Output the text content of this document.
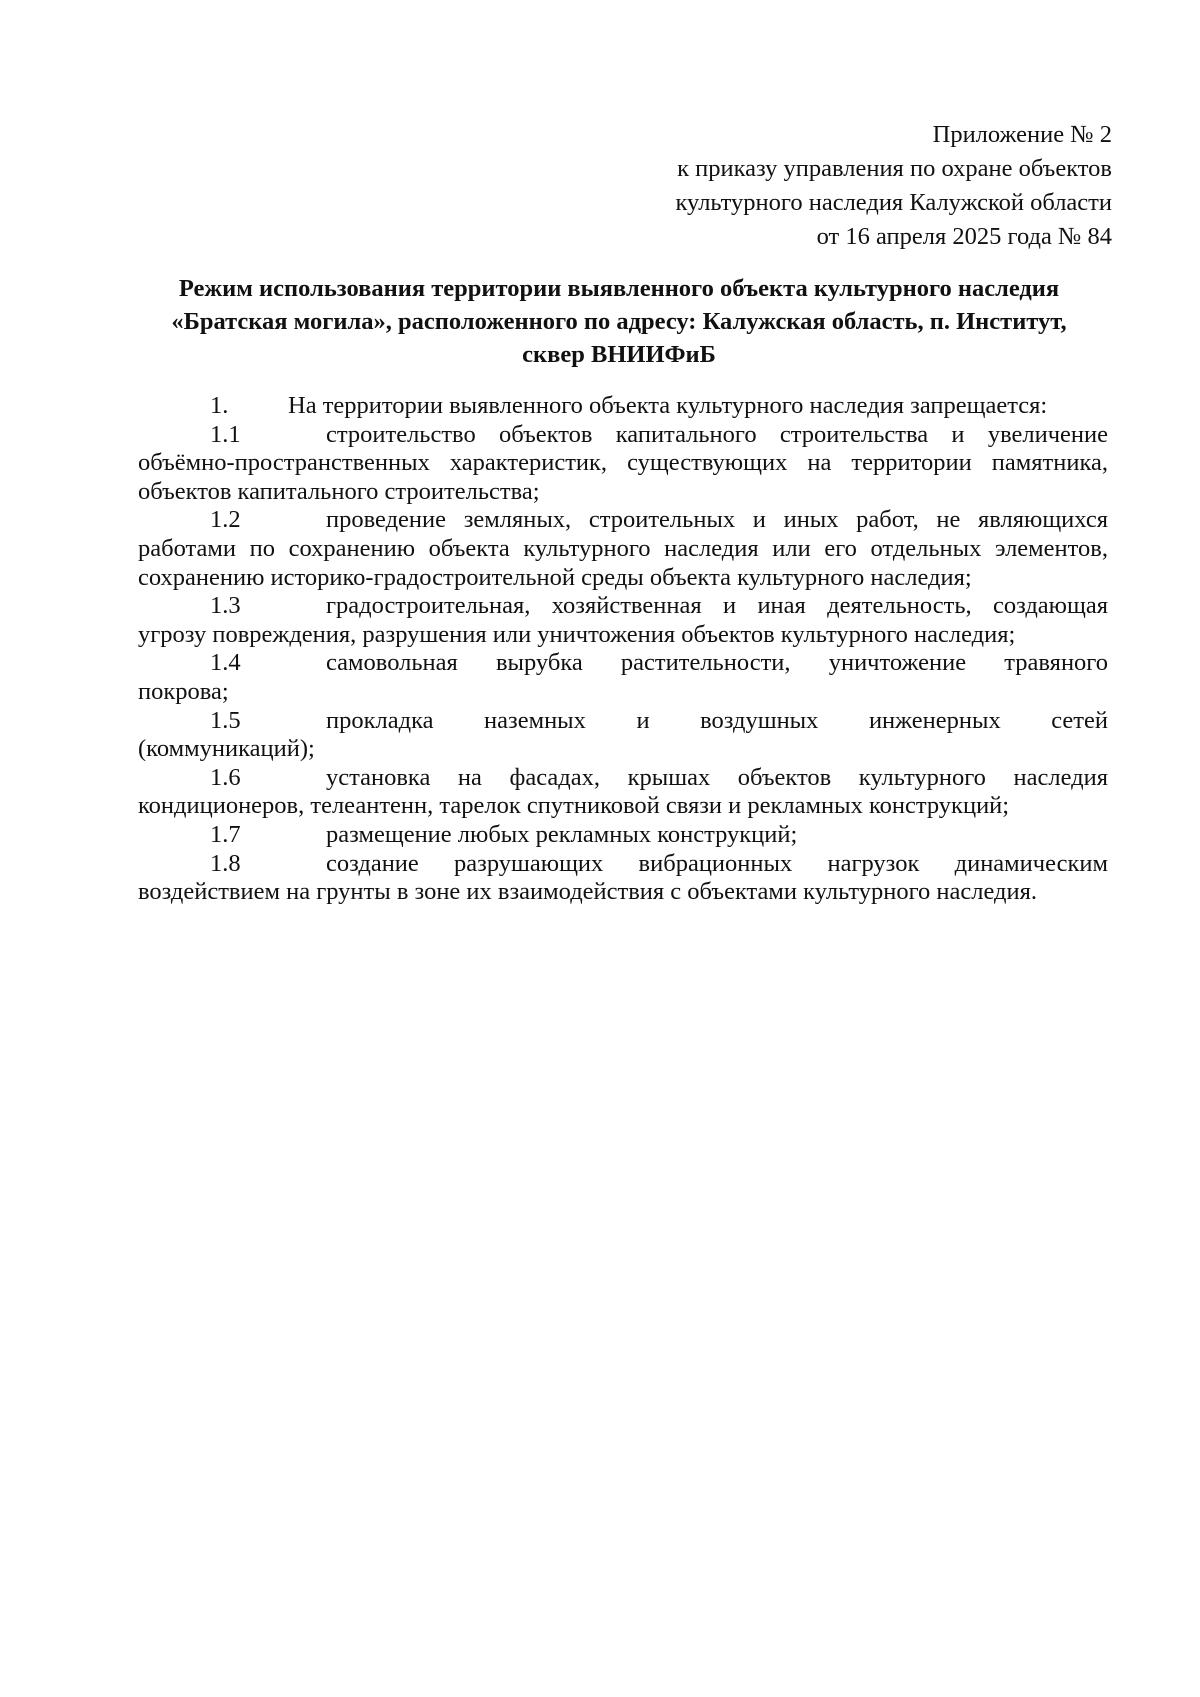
Приложение № 2
к приказу управления по охране объектов
культурного наследия Калужской области
от 16 апреля 2025 года № 84
Режим использования территории выявленного объекта культурного наследия
«Братская могила», расположенного по адресу: Калужская область, п. Институт,
сквер ВНИИФиБ
1. На территории выявленного объекта культурного наследия запрещается:
1.1	строительство объектов капитального строительства и увеличение
объёмно-пространственных характеристик, существующих на территории памятника, объектов капитального строительства;
1.2	проведение земляных, строительных и иных работ, не являющихся
работами по сохранению объекта культурного наследия или его отдельных элементов, сохранению историко-градостроительной среды объекта культурного наследия;
1.3	градостроительная, хозяйственная и иная деятельность, создающая
угрозу повреждения, разрушения или уничтожения объектов культурного наследия;
1.4	самовольная вырубка растительности, уничтожение травяного
покрова;
1.5	прокладка наземных и воздушных инженерных сетей
(коммуникаций);
1.6	установка на фасадах, крышах объектов культурного наследия
кондиционеров, телеантенн, тарелок спутниковой связи и рекламных конструкций;
1.7	размещение любых рекламных конструкций;
1.8	создание разрушающих вибрационных нагрузок динамическим
воздействием на грунты в зоне их взаимодействия с объектами культурного наследия.
